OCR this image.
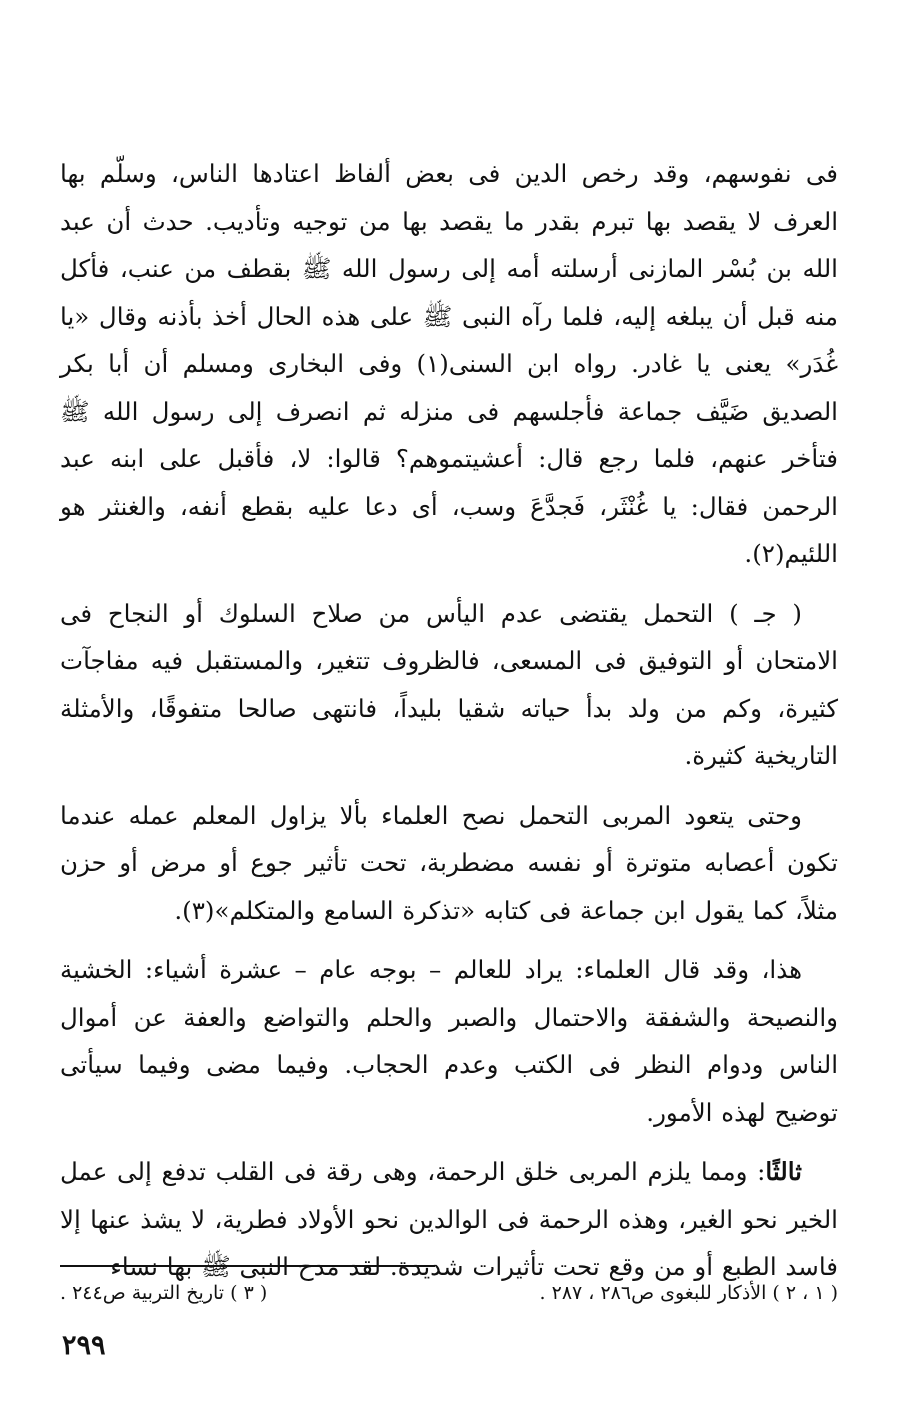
فى نفوسهم، وقد رخص الدين فى بعض ألفاظ اعتادها الناس، وسلّم بها العرف لا يقصد بها تبرم بقدر ما يقصد بها من توجيه وتأديب. حدث أن عبد الله بن بُسْر المازنى أرسلته أمه إلى رسول الله ﷺ بقطف من عنب، فأكل منه قبل أن يبلغه إليه، فلما رآه النبى ﷺ على هذه الحال أخذ بأذنه وقال «يا غُدَر» يعنى يا غادر. رواه ابن السنى(١) وفى البخارى ومسلم أن أبا بكر الصديق ضَيَّف جماعة فأجلسهم فى منزله ثم انصرف إلى رسول الله ﷺ فتأخر عنهم، فلما رجع قال: أعشيتموهم؟ قالوا: لا، فأقبل على ابنه عبد الرحمن فقال: يا غُنْثَر، فَجدَّعَ وسب، أى دعا عليه بقطع أنفه، والغنثر هو اللئيم(٢).

( جـ ) التحمل يقتضى عدم اليأس من صلاح السلوك أو النجاح فى الامتحان أو التوفيق فى المسعى، فالظروف تتغير، والمستقبل فيه مفاجآت كثيرة، وكم من ولد بدأ حياته شقيا بليداً، فانتهى صالحا متفوقًا، والأمثلة التاريخية كثيرة.

وحتى يتعود المربى التحمل نصح العلماء بألا يزاول المعلم عمله عندما تكون أعصابه متوترة أو نفسه مضطربة، تحت تأثير جوع أو مرض أو حزن مثلاً، كما يقول ابن جماعة فى كتابه «تذكرة السامع والمتكلم»(٣).

هذا، وقد قال العلماء: يراد للعالم – بوجه عام – عشرة أشياء: الخشية والنصيحة والشفقة والاحتمال والصبر والحلم والتواضع والعفة عن أموال الناس ودوام النظر فى الكتب وعدم الحجاب. وفيما مضى وفيما سيأتى توضيح لهذه الأمور.

ثالثًا: ومما يلزم المربى خلق الرحمة، وهى رقة فى القلب تدفع إلى عمل الخير نحو الغير، وهذه الرحمة فى الوالدين نحو الأولاد فطرية، لا يشذ عنها إلا فاسد الطبع أو من وقع تحت تأثيرات شديدة. لقد مدح النبى ﷺ بها نساء

( ١ ، ٢ ) الأذكار للبغوى ص٢٨٦ ، ٢٨٧ .
( ٣ ) تاريخ التربية ص٢٤٤ .
٢٩٩
